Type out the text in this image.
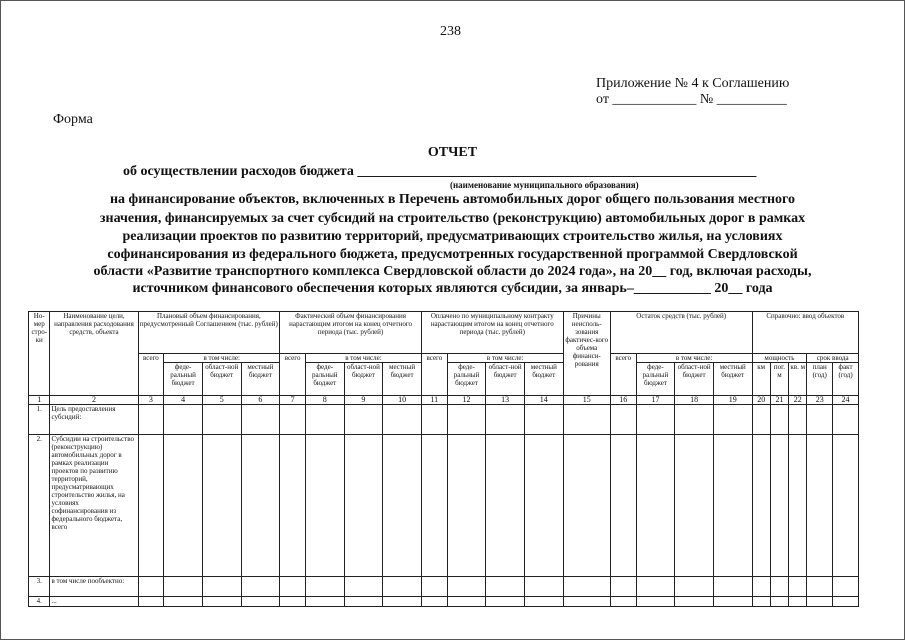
238
Приложение № 4 к Соглашению
от ____________ № __________
Форма
ОТЧЕТ
об осуществлении расходов бюджета _________________________________________________________
(наименование муниципального образования)
на финансирование объектов, включенных в Перечень автомобильных дорог общего пользования местного
значения, финансируемых за счет субсидий на строительство (реконструкцию) автомобильных дорог в рамках
реализации проектов по развитию территорий, предусматривающих строительство жилья, на условиях
софинансирования из федерального бюджета, предусмотренных государственной программой Свердловской
области «Развитие транспортного комплекса Свердловской области до 2024 года», на 20__ год, включая расходы,
источником финансового обеспечения которых являются субсидии, за январь–___________ 20__ года
Но-мер стро-ки	Наименование цели, направления расходования средств, объекта	Плановый объем финансирования, предусмотренный Соглашением (тыс. рублей)				Фактический объем финансирования нарастающим итогом на конец отчетного периода (тыс. рублей)				Оплачено по муниципальному контракту нарастающим итогом на конец отчетного периода (тыс. рублей)				Причины неисполь-зования фактичес-кого объема финанси-рования	Остаток средств (тыс. рублей)				Справочно: ввод объектов				
		всего	в том числе:			всего	в том числе:			всего	в том числе:				всего	в том числе:			мощность			срок ввода	
			феде-ральный бюджет	област-ной бюджет	местный бюджет		феде-ральный бюджет	област-ной бюджет	местный бюджет		феде-ральный бюджет	област-ной бюджет	местный бюджет			феде-ральный бюджет	област-ной бюджет	местный бюджет	км	пог. м	кв. м	план (год)	факт (год)
1	2	3	4	5	6	7	8	9	10	11	12	13	14	15	16	17	18	19	20	21	22	23	24
1.	Цель предоставления субсидий:																						
2.	Субсидии на строительство (реконструкцию) автомобильных дорог в рамках реализации проектов по развитию территорий, предусматривающих строительство жилья, на условиях софинансирования из федерального бюджета, всего																						
3.	в том числе пообъектно:																						
4.	...																						
